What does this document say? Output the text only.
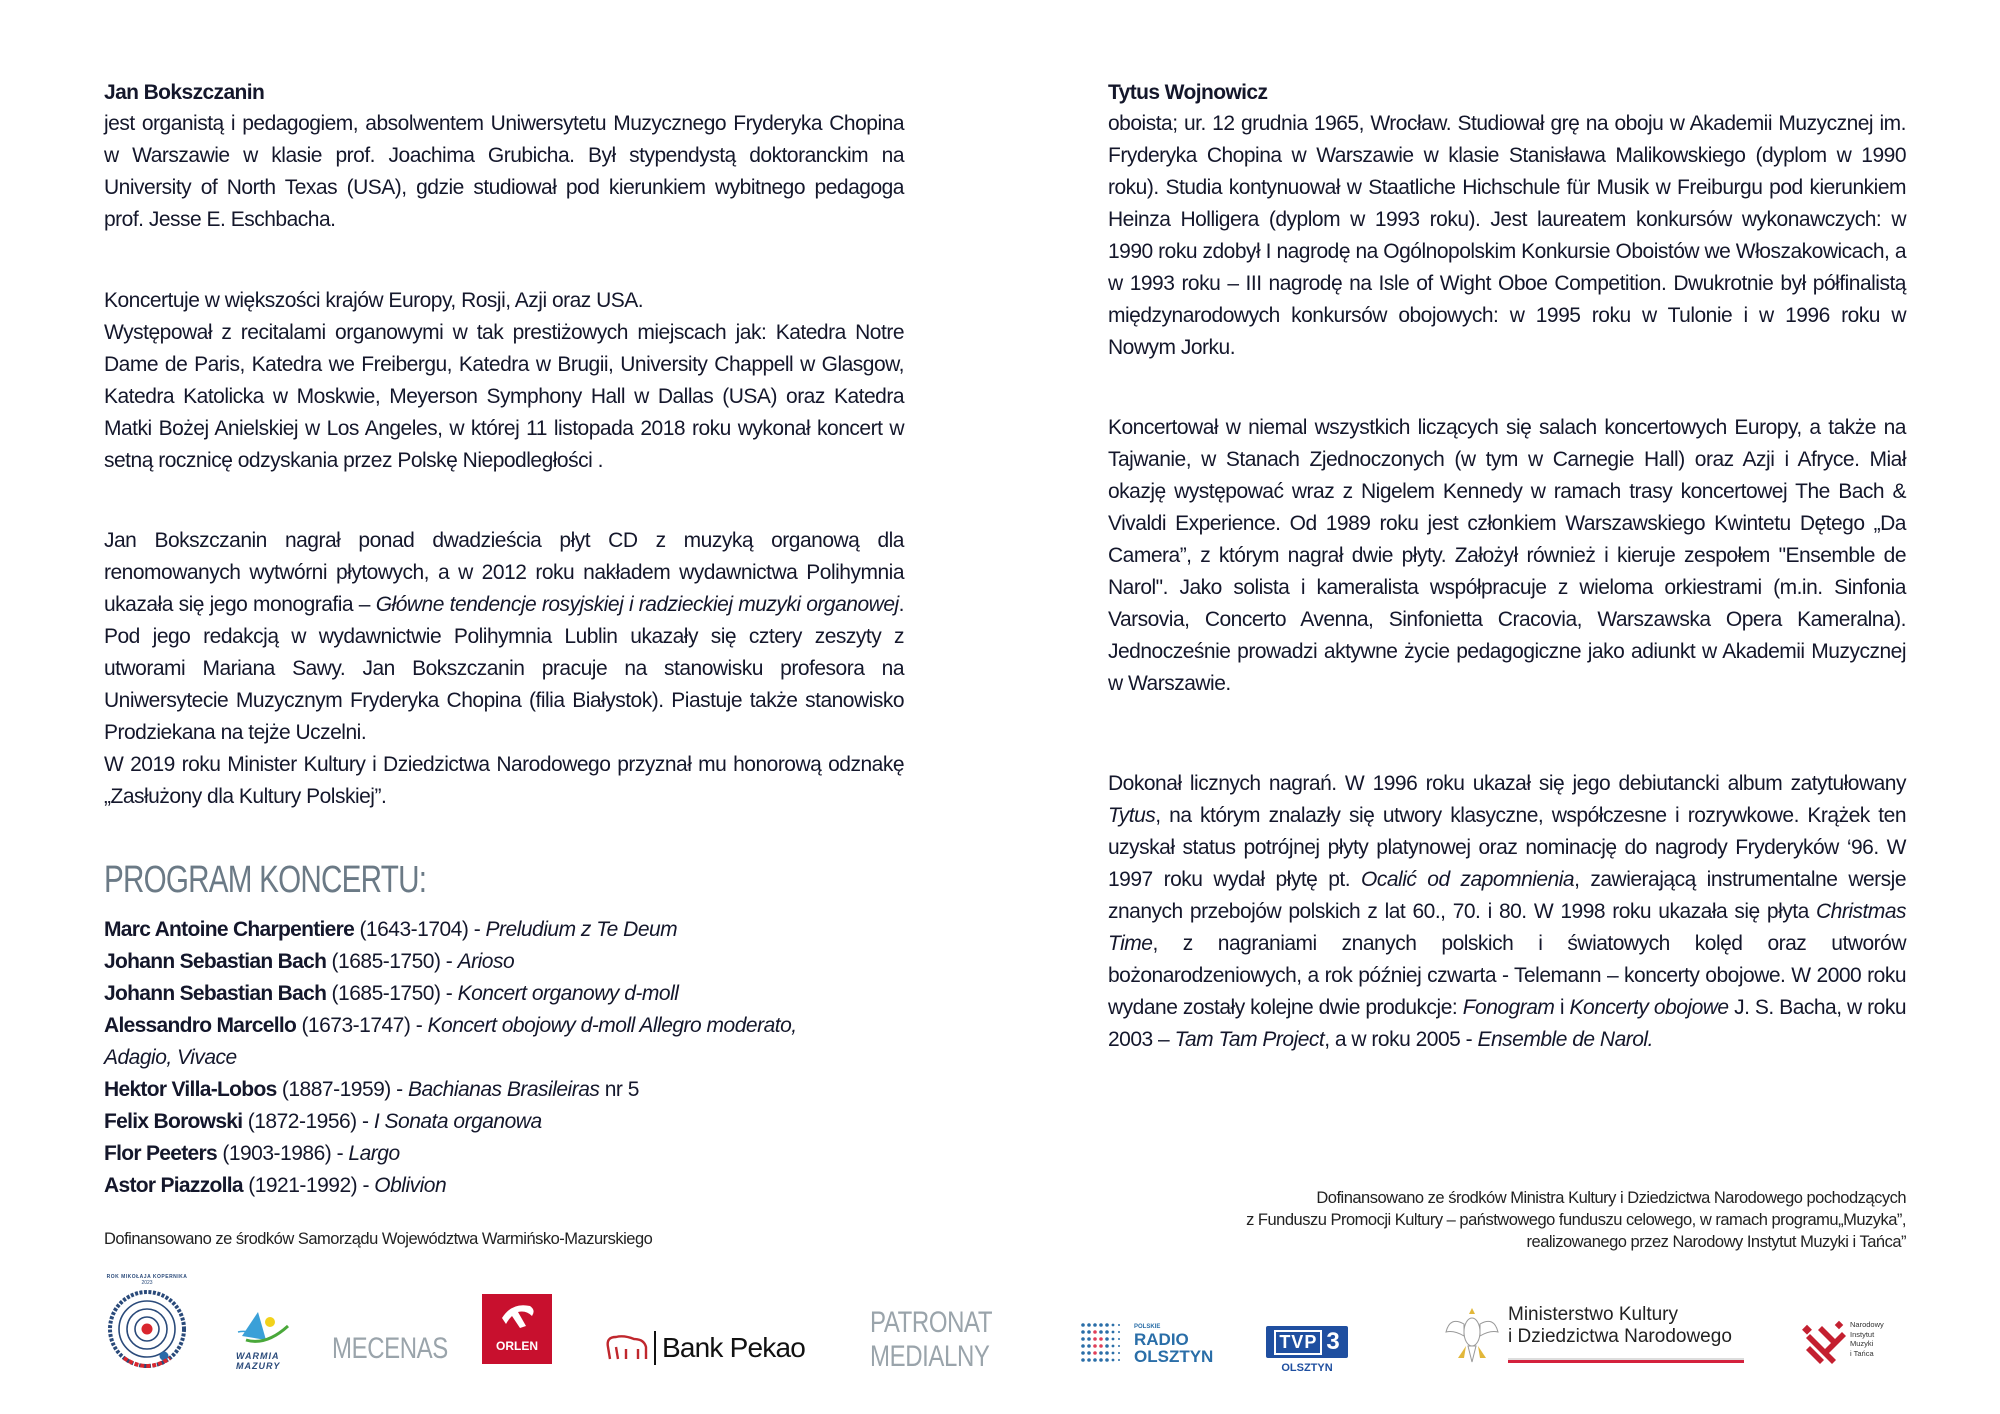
Jan Bokszczanin

jest organistą i pedagogiem, absolwentem Uniwersytetu Muzycznego Fryderyka Chopina w Warszawie w klasie prof. Joachima Grubicha. Był stypendystą doktoranckim na University of North Texas (USA), gdzie studiował pod kierunkiem wybitnego pedagoga prof. Jesse E. Eschbacha.

Koncertuje w większości krajów Europy, Rosji, Azji oraz USA.

Występował z recitalami organowymi w tak prestiżowych miejscach jak: Katedra Notre Dame de Paris, Katedra we Freibergu, Katedra w Brugii, University Chappell w Glasgow, Katedra Katolicka w Moskwie, Meyerson Symphony Hall w Dallas (USA) oraz Katedra Matki Bożej Anielskiej w Los Angeles, w której 11 listopada 2018 roku wykonał koncert w setną rocznicę odzyskania przez Polskę Niepodległości .

Jan Bokszczanin nagrał ponad dwadzieścia płyt CD z muzyką organową dla renomowanych wytwórni płytowych, a w 2012 roku nakładem wydawnictwa Polihymnia ukazała się jego monografia – Główne tendencje rosyjskiej i radzieckiej muzyki organowej. Pod jego redakcją w wydawnictwie Polihymnia Lublin ukazały się cztery zeszyty z utworami Mariana Sawy. Jan Bokszczanin pracuje na stanowisku profesora na Uniwersytecie Muzycznym Fryderyka Chopina (filia Białystok). Piastuje także stanowisko Prodziekana na tejże Uczelni.

W 2019 roku Minister Kultury i Dziedzictwa Narodowego przyznał mu honorową odznakę „Zasłużony dla Kultury Polskiej”.

PROGRAM KONCERTU:
Marc Antoine Charpentiere (1643-1704) - Preludium z Te Deum
Johann Sebastian Bach (1685-1750) - Arioso
Johann Sebastian Bach (1685-1750) - Koncert organowy d-moll
Alessandro Marcello (1673-1747) - Koncert obojowy d-moll Allegro moderato,
Adagio, Vivace
Hektor Villa-Lobos (1887-1959) - Bachianas Brasileiras nr 5
Felix Borowski (1872-1956) - I Sonata organowa
Flor Peeters (1903-1986) - Largo
Astor Piazzolla (1921-1992) - Oblivion
Dofinansowano ze środków Samorządu Województwa Warmińsko-Mazurskiego
Tytus Wojnowicz

oboista; ur. 12 grudnia 1965, Wrocław. Studiował grę na oboju w Akademii Muzycznej im. Fryderyka Chopina w Warszawie w klasie Stanisława Malikowskiego (dyplom w 1990 roku). Studia kontynuował w Staatliche Hichschule für Musik w Freiburgu pod kierunkiem Heinza Holligera (dyplom w 1993 roku). Jest laureatem konkursów wykonawczych: w 1990 roku zdobył I nagrodę na Ogólnopolskim Konkursie Oboistów we Włoszakowicach, a w 1993 roku – III nagrodę na Isle of Wight Oboe Competition. Dwukrotnie był półfinalistą międzynarodowych konkursów obojowych: w 1995 roku w Tulonie i w 1996 roku w Nowym Jorku.

Koncertował w niemal wszystkich liczących się salach koncertowych Europy, a także na Tajwanie, w Stanach Zjednoczonych (w tym w Carnegie Hall) oraz Azji i Afryce. Miał okazję występować wraz z Nigelem Kennedy w ramach trasy koncertowej The Bach & Vivaldi Experience. Od 1989 roku jest członkiem Warszawskiego Kwintetu Dętego „Da Camera”, z którym nagrał dwie płyty. Założył również i kieruje zespołem "Ensemble de Narol". Jako solista i kameralista współpracuje z wieloma orkiestrami (m.in. Sinfonia Varsovia, Concerto Avenna, Sinfonietta Cracovia, Warszawska Opera Kameralna). Jednocześnie prowadzi aktywne życie pedagogiczne jako adiunkt w Akademii Muzycznej w Warszawie.

Dokonał licznych nagrań. W 1996 roku ukazał się jego debiutancki album zatytułowany Tytus, na którym znalazły się utwory klasyczne, współczesne i rozrywkowe. Krążek ten uzyskał status potrójnej płyty platynowej oraz nominację do nagrody Fryderyków ‘96. W 1997 roku wydał płytę pt. Ocalić od zapomnienia, zawierającą instrumentalne wersje znanych przebojów polskich z lat 60., 70. i 80. W 1998 roku ukazała się płyta Christmas Time, z nagraniami znanych polskich i światowych kolęd oraz utworów bożonarodzeniowych, a rok później czwarta - Telemann – koncerty obojowe. W 2000 roku wydane zostały kolejne dwie produkcje: Fonogram i Koncerty obojowe J. S. Bacha, w roku 2003 – Tam Tam Project, a w roku 2005 - Ensemble de Narol.

Dofinansowano ze środków Ministra Kultury i Dziedzictwa Narodowego pochodzących
z Funduszu Promocji Kultury – państwowego funduszu celowego, w ramach programu„Muzyka”,
realizowanego przez Narodowy Instytut Muzyki i Tańca”
ROK MIKOŁAJA KOPERNIKA
2023
WARMIA
MAZURY
MECENAS	ORLEN	Bank Pekao
PATRONAT
MEDIALNY
POLSKIE
RADIO
OLSZTYN
TVP 3
OLSZTYN
Ministerstwo Kultury
i Dziedzictwa Narodowego
Narodowy
Instytut
Muzyki
i Tańca
